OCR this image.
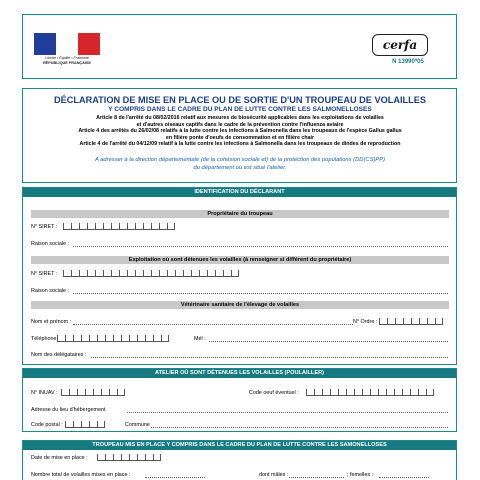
Liberté • Égalité • Fraternité
RÉPUBLIQUE FRANÇAISE
cerfa
N 13990*05
DÉCLARATION DE MISE EN PLACE OU DE SORTIE D'UN TROUPEAU DE VOLAILLES
Y COMPRIS DANS LE CADRE DU PLAN DE LUTTE CONTRE LES SALMONELLOSES
Article 8 de l'arrêté du 08/02/2016 relatif aux mesures de biosécurité applicables dans les exploitations de volailles
et d'autres oiseaux captifs dans le cadre de la prévention contre l'influenza aviaire
Article 4 des arrêtés du 26/02/08 relatifs à la lutte contre les infections à Salmonella dans les troupeaux de l'espèce Gallus gallus
en filière ponte d'oeufs de consommation et en filière chair
Article 4 de l'arrêté du 04/12/09 relatif à la lutte contre les infections à Salmonella dans les troupeaux de dindes de reproduction
A adresser à la direction départementale (de la cohésion sociale et) de la protection des populations (DD(CS)PP)
du département où est situé l'atelier.
IDENTIFICATION DU DÉCLARANT
Propriétaire du troupeau
N° SIRET :
Raison sociale :
Exploitation où sont détenues les volailles (à renseigner si différent du propriétaire)
N° SIRET :
Raison sociale :
Vétérinaire sanitaire de l'élevage de volailles
Nom et prénom :	N° Ordre :
Téléphone	Mél :
Nom des délégataires :
ATELIER OÙ SONT DÉTENUES LES VOLAILLES (POULAILLER)
N° INUAV :	Code oeuf éventuel :
Adresse du lieu d'hébergement
Code postal :	Commune
TROUPEAU MIS EN PLACE Y COMPRIS DANS LE CADRE DU PLAN DE LUTTE CONTRE LES SAMONELLOSES
Date de mise en place :
Nombre total de volailles mises en place :	dont mâles :	; femelles :
